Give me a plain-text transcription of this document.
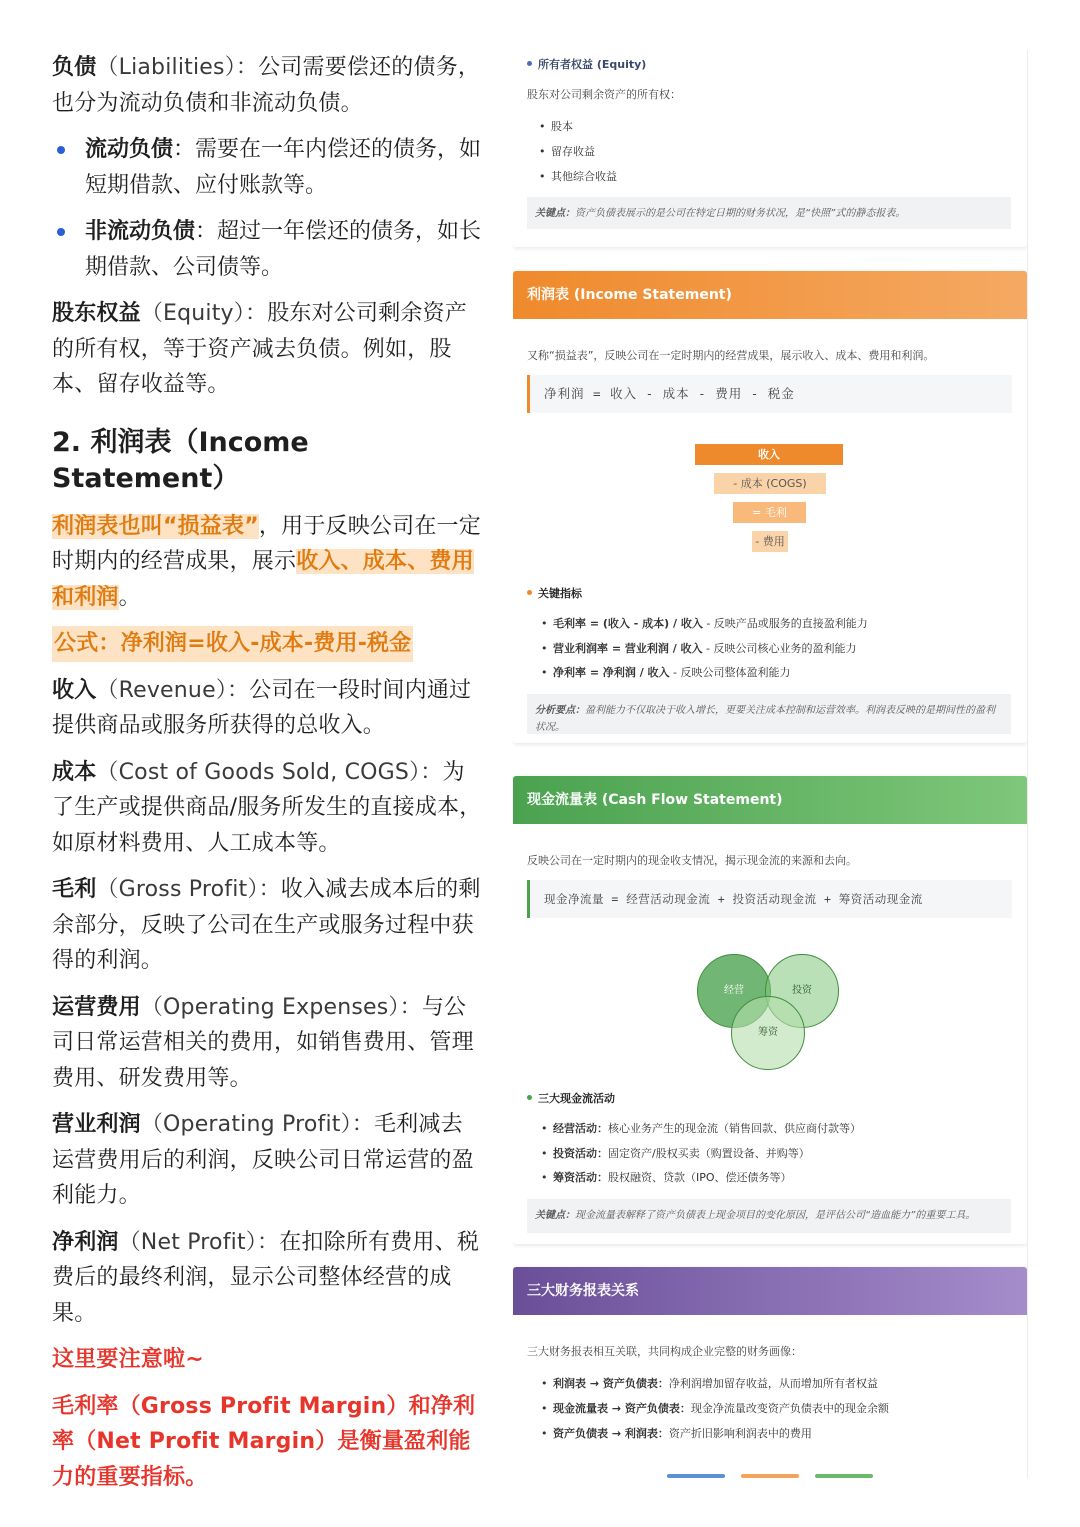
负债（Liabilities）：公司需要偿还的债务，也分为流动负债和非流动负债。

流动负债：需要在一年内偿还的债务，如短期借款、应付账款等。
非流动负债：超过一年偿还的债务，如长期借款、公司债等。

股东权益（Equity）：股东对公司剩余资产的所有权，等于资产减去负债。例如，股本、留存收益等。

2. 利润表（Income Statement）

利润表也叫“损益表”，用于反映公司在一定时期内的经营成果，展示收入、成本、费用和利润。

公式：净利润=收入-成本-费用-税金

收入（Revenue）：公司在一段时间内通过提供商品或服务所获得的总收入。

成本（Cost of Goods Sold, COGS）：为了生产或提供商品/服务所发生的直接成本，如原材料费用、人工成本等。

毛利（Gross Profit）：收入减去成本后的剩余部分，反映了公司在生产或服务过程中获得的利润。

运营费用（Operating Expenses）：与公司日常运营相关的费用，如销售费用、管理费用、研发费用等。

营业利润（Operating Profit）：毛利减去运营费用后的利润，反映公司日常运营的盈利能力。

净利润（Net Profit）：在扣除所有费用、税费后的最终利润，显示公司整体经营的成果。

这里要注意啦~

毛利率（Gross Profit Margin）和净利率（Net Profit Margin）是衡量盈利能力的重要指标。

所有者权益 (Equity)
股东对公司剩余资产的所有权：
• 股本
• 留存收益
• 其他综合收益
关键点：资产负债表展示的是公司在特定日期的财务状况，是“快照”式的静态报表。
利润表 (Income Statement)
又称“损益表”，反映公司在一定时期内的经营成果，展示收入、成本、费用和利润。
净利润 = 收入 - 成本 - 费用 - 税金
收入
- 成本 (COGS)
= 毛利
- 费用
关键指标
• 毛利率 = (收入 - 成本) / 收入 - 反映产品或服务的直接盈利能力
• 营业利润率 = 营业利润 / 收入 - 反映公司核心业务的盈利能力
• 净利率 = 净利润 / 收入 - 反映公司整体盈利能力
分析要点：盈利能力不仅取决于收入增长，更要关注成本控制和运营效率。利润表反映的是期间性的盈利状况。
现金流量表 (Cash Flow Statement)
反映公司在一定时期内的现金收支情况，揭示现金流的来源和去向。
现金净流量 = 经营活动现金流 + 投资活动现金流 + 筹资活动现金流
经营	投资
筹资
三大现金流活动
• 经营活动：核心业务产生的现金流（销售回款、供应商付款等）
• 投资活动：固定资产/股权买卖（购置设备、并购等）
• 筹资活动：股权融资、贷款（IPO、偿还债务等）
关键点：现金流量表解释了资产负债表上现金项目的变化原因，是评估公司“造血能力”的重要工具。
三大财务报表关系
三大财务报表相互关联，共同构成企业完整的财务画像：
• 利润表 → 资产负债表：净利润增加留存收益，从而增加所有者权益
• 现金流量表 → 资产负债表：现金净流量改变资产负债表中的现金余额
• 资产负债表 → 利润表：资产折旧影响利润表中的费用
